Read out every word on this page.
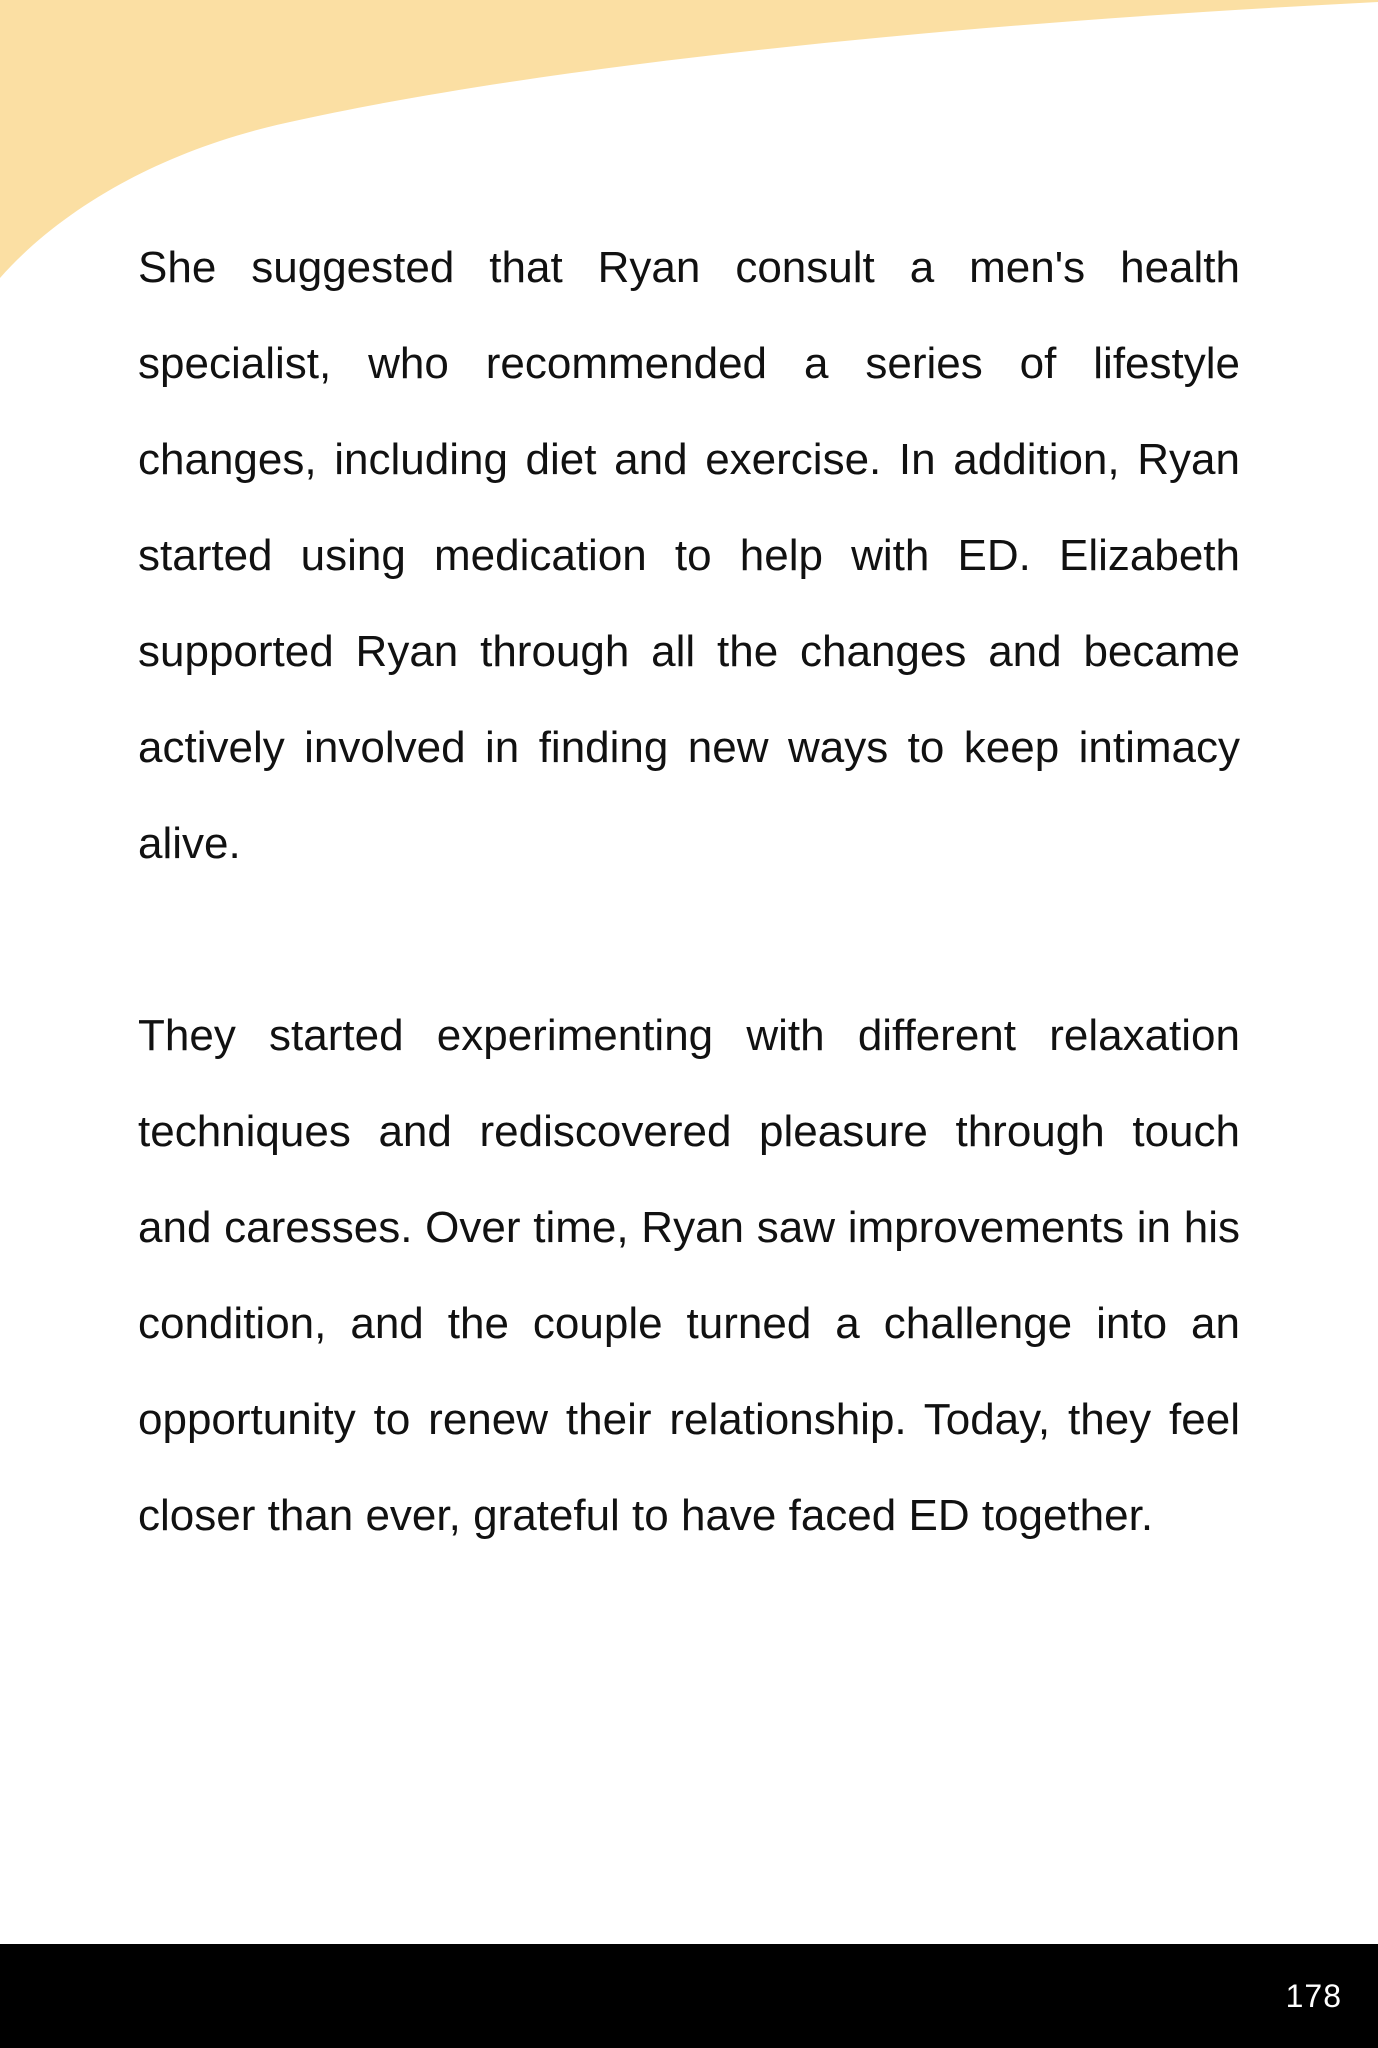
She suggested that Ryan consult a men's health specialist, who recommended a series of lifestyle changes, including diet and exercise. In addition, Ryan started using medication to help with ED. Elizabeth supported Ryan through all the changes and became actively involved in finding new ways to keep intimacy alive.

They started experimenting with different relaxation techniques and rediscovered pleasure through touch and caresses. Over time, Ryan saw improvements in his condition, and the couple turned a challenge into an opportunity to renew their relationship. Today, they feel closer than ever, grateful to have faced ED together.

178
